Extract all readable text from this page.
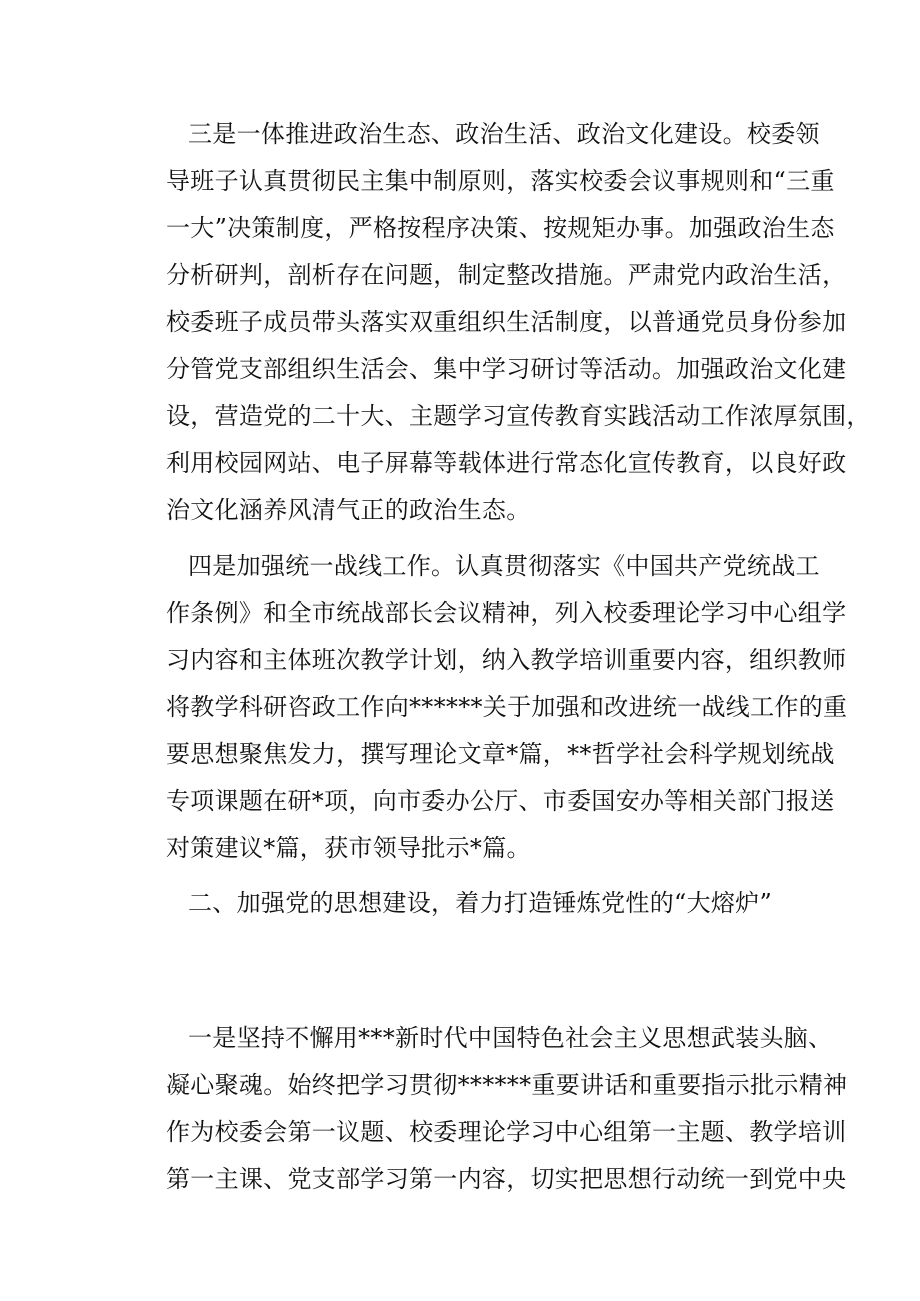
三是一体推进政治生态、政治生活、政治文化建设。校委领
导班子认真贯彻民主集中制原则，落实校委会议事规则和“三重
一大”决策制度，严格按程序决策、按规矩办事。加强政治生态
分析研判，剖析存在问题，制定整改措施。严肃党内政治生活，
校委班子成员带头落实双重组织生活制度，以普通党员身份参加
分管党支部组织生活会、集中学习研讨等活动。加强政治文化建
设，营造党的二十大、主题学习宣传教育实践活动工作浓厚氛围，
利用校园网站、电子屏幕等载体进行常态化宣传教育，以良好政
治文化涵养风清气正的政治生态。
四是加强统一战线工作。认真贯彻落实《中国共产党统战工
作条例》和全市统战部长会议精神，列入校委理论学习中心组学
习内容和主体班次教学计划，纳入教学培训重要内容，组织教师
将教学科研咨政工作向******关于加强和改进统一战线工作的重
要思想聚焦发力，撰写理论文章*篇，**哲学社会科学规划统战
专项课题在研*项，向市委办公厅、市委国安办等相关部门报送
对策建议*篇，获市领导批示*篇。
二、加强党的思想建设，着力打造锤炼党性的“大熔炉”
一是坚持不懈用***新时代中国特色社会主义思想武装头脑、
凝心聚魂。始终把学习贯彻******重要讲话和重要指示批示精神
作为校委会第一议题、校委理论学习中心组第一主题、教学培训
第一主课、党支部学习第一内容，切实把思想行动统一到党中央
